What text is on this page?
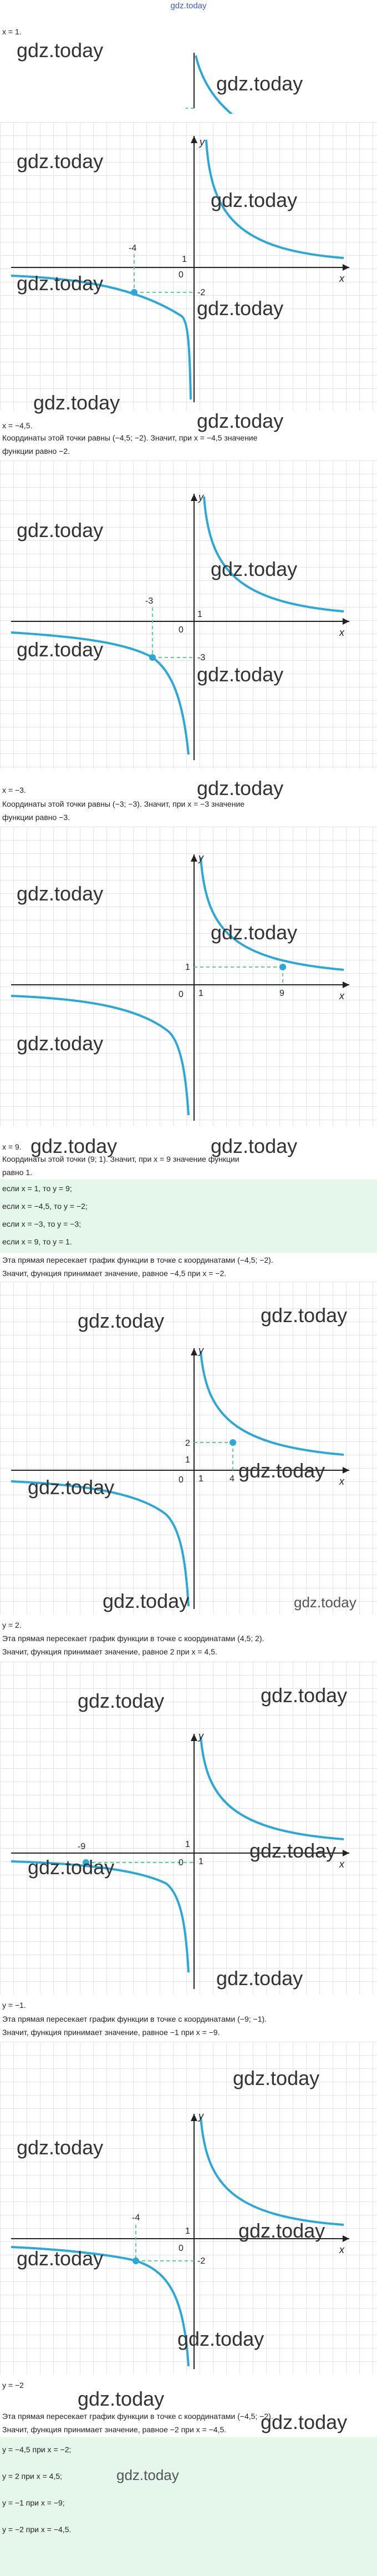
gdz.today
x = 1.
gdz.today
gdz.today
y
x
0
1
-4
-2
gdz.today
gdz.today
gdz.today
gdz.today
gdz.today
gdz.today
x = −4,5.
Координаты этой точки равны (−4,5; −2). Значит, при x = −4,5 значение
функции равно −2.
y
x
0
1
-3
-3
gdz.today
gdz.today
gdz.today
gdz.today
gdz.today
x = −3.
Координаты этой точки равны (−3; −3). Значит, при x = −3 значение
функции равно −3.
y
x
0
1
1	9
gdz.today
gdz.today
gdz.today
gdz.today	gdz.today
x = 9.
Координаты этой точки (9; 1). Значит, при x = 9 значение функции
равно 1.
если x = 1, то y = 9;
если x = −4,5, то y = −2;
если x = −3, то y = −3;
если x = 9, то y = 1.
Эта прямая пересекает график функции в точке с координатами (−4,5; −2).
Значит, функция принимает значение, равное −4,5 при x = −2.
y
x
0
2
1
1	4
gdz.today	gdz.today
gdz.today
gdz.today
gdz.today	gdz.today
y = 2.
Эта прямая пересекает график функции в точке с координатами (4,5; 2).
Значит, функция принимает значение, равное 2 при x = 4,5.
y
x
0
1
1
-9
gdz.today	gdz.today
gdz.today
gdz.today
gdz.today
y = −1.
Эта прямая пересекает график функции в точке с координатами (−9; −1).
Значит, функция принимает значение, равное −1 при x = −9.
y
x
0
1
-4
-2
gdz.today
gdz.today
gdz.today
gdz.today
gdz.today
gdz.today
y = −2
Эта прямая пересекает график функции в точке с координатами (−4,5; −2).
gdz.today
Значит, функция принимает значение, равное −2 при x = −4,5.
y = −4,5 при x = −2;
y = 2 при x = 4,5;
y = −1 при x = −9;
y = −2 при x = −4,5.
gdz.today
